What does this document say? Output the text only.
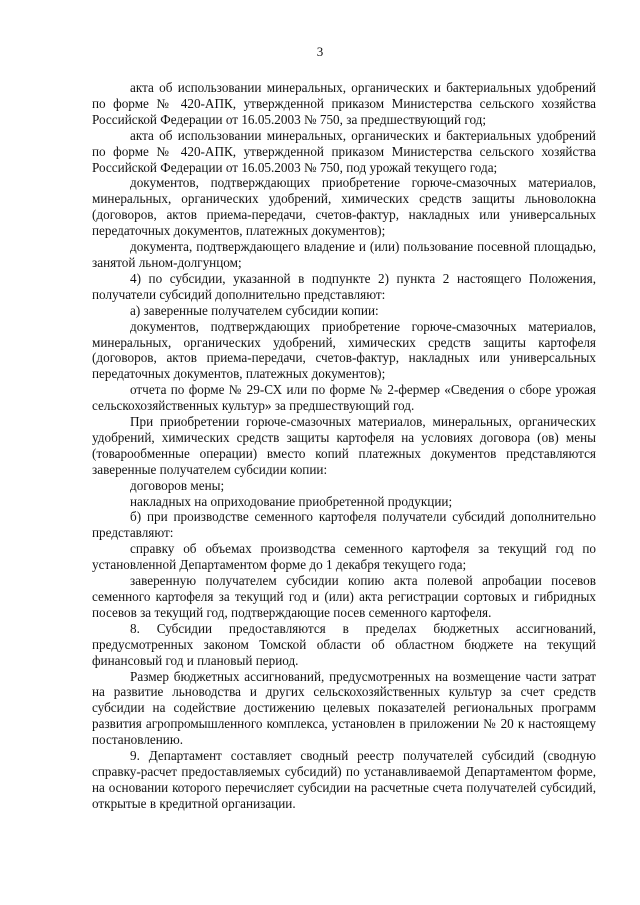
3

акта об использовании минеральных, органических и бактериальных удобрений по форме № 420-АПК, утвержденной приказом Министерства сельского хозяйства Российской Федерации от 16.05.2003 № 750, за предшествующий год;

акта об использовании минеральных, органических и бактериальных удобрений по форме № 420-АПК, утвержденной приказом Министерства сельского хозяйства Российской Федерации от 16.05.2003 № 750, под урожай текущего года;

документов, подтверждающих приобретение горюче-смазочных материалов, минеральных, органических удобрений, химических средств защиты льноволокна (договоров, актов приема-передачи, счетов-фактур, накладных или универсальных передаточных документов, платежных документов);

документа, подтверждающего владение и (или) пользование посевной площадью, занятой льном-долгунцом;

4) по субсидии, указанной в подпункте 2) пункта 2 настоящего Положения, получатели субсидий дополнительно представляют:

а) заверенные получателем субсидии копии:

документов, подтверждающих приобретение горюче-смазочных материалов, минеральных, органических удобрений, химических средств защиты картофеля (договоров, актов приема-передачи, счетов-фактур, накладных или универсальных передаточных документов, платежных документов);

отчета по форме № 29-СХ или по форме № 2-фермер «Сведения о сборе урожая сельскохозяйственных культур» за предшествующий год.

При приобретении горюче-смазочных материалов, минеральных, органических удобрений, химических средств защиты картофеля на условиях договора (ов) мены (товарообменные операции) вместо копий платежных документов представляются заверенные получателем субсидии копии:

договоров мены;

накладных на оприходование приобретенной продукции;

б) при производстве семенного картофеля получатели субсидий дополнительно представляют:

справку об объемах производства семенного картофеля за текущий год по установленной Департаментом форме до 1 декабря текущего года;

заверенную получателем субсидии копию акта полевой апробации посевов семенного картофеля за текущий год и (или) акта регистрации сортовых и гибридных посевов за текущий год, подтверждающие посев семенного картофеля.

8. Субсидии предоставляются в пределах бюджетных ассигнований, предусмотренных законом Томской области об областном бюджете на текущий финансовый год и плановый период.

Размер бюджетных ассигнований, предусмотренных на возмещение части затрат на развитие льноводства и других сельскохозяйственных культур за счет средств субсидии на содействие достижению целевых показателей региональных программ развития агропромышленного комплекса, установлен в приложении № 20 к настоящему постановлению.

9. Департамент составляет сводный реестр получателей субсидий (сводную справку-расчет предоставляемых субсидий) по устанавливаемой Департаментом форме, на основании которого перечисляет субсидии на расчетные счета получателей субсидий, открытые в кредитной организации.
